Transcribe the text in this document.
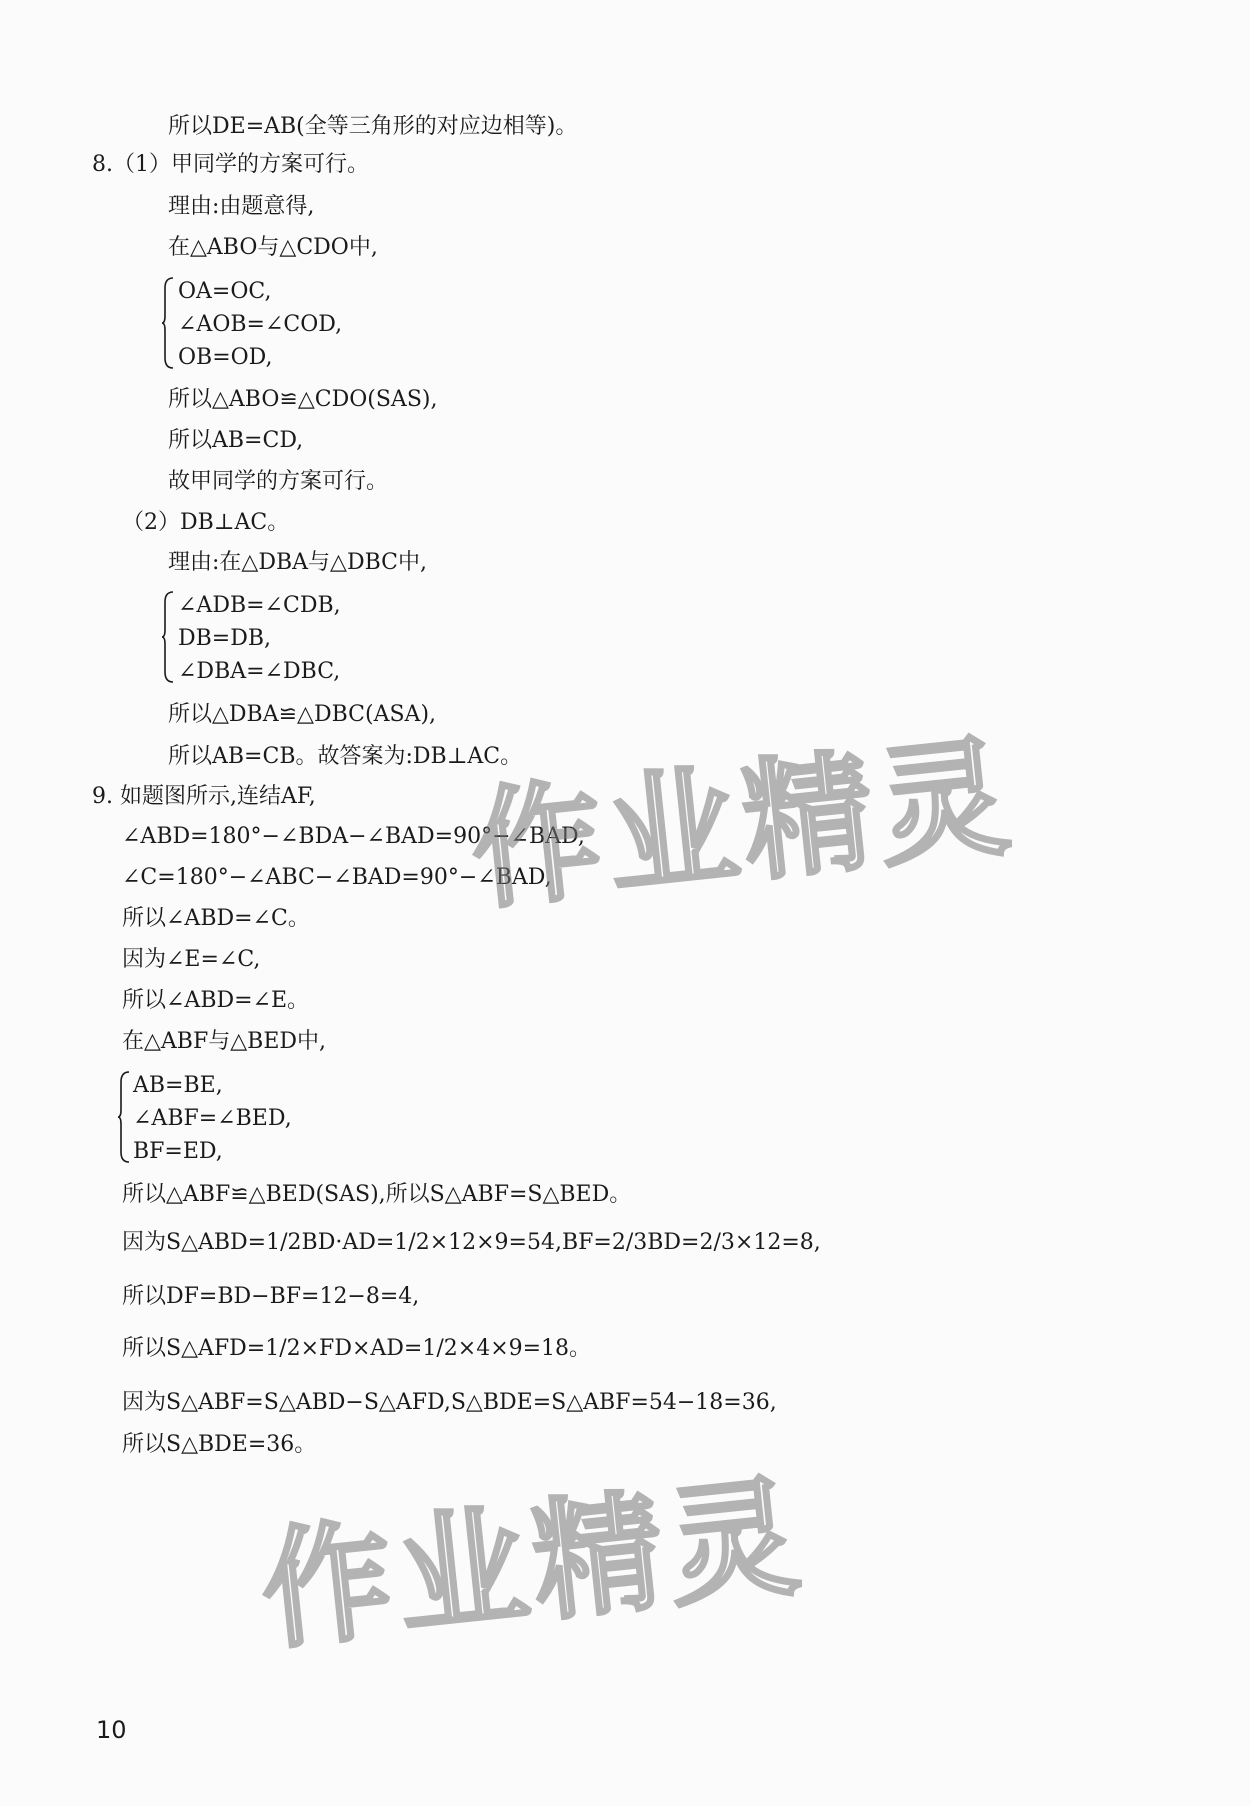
所以DE=AB(全等三角形的对应边相等)。
8.（1）甲同学的方案可行。
理由:由题意得,
在△ABO与△CDO中,
OA=OC,
∠AOB=∠COD,
OB=OD,
所以△ABO≌△CDO(SAS),
所以AB=CD,
故甲同学的方案可行。
（2）DB⊥AC。
理由:在△DBA与△DBC中,
∠ADB=∠CDB,
DB=DB,
∠DBA=∠DBC,
所以△DBA≌△DBC(ASA),
所以AB=CB。故答案为:DB⊥AC。
9. 如题图所示,连结AF,
∠ABD=180°−∠BDA−∠BAD=90°−∠BAD,
∠C=180°−∠ABC−∠BAD=90°−∠BAD,
所以∠ABD=∠C。
因为∠E=∠C,
所以∠ABD=∠E。
在△ABF与△BED中,
AB=BE,
∠ABF=∠BED,
BF=ED,
所以△ABF≌△BED(SAS),所以S△ABF=S△BED。
因为S△ABD=1/2BD·AD=1/2×12×9=54,BF=2/3BD=2/3×12=8,
所以DF=BD−BF=12−8=4,
所以S△AFD=1/2×FD×AD=1/2×4×9=18。
因为S△ABF=S△ABD−S△AFD,S△BDE=S△ABF=54−18=36,
所以S△BDE=36。
作业精灵
作业精灵
10
